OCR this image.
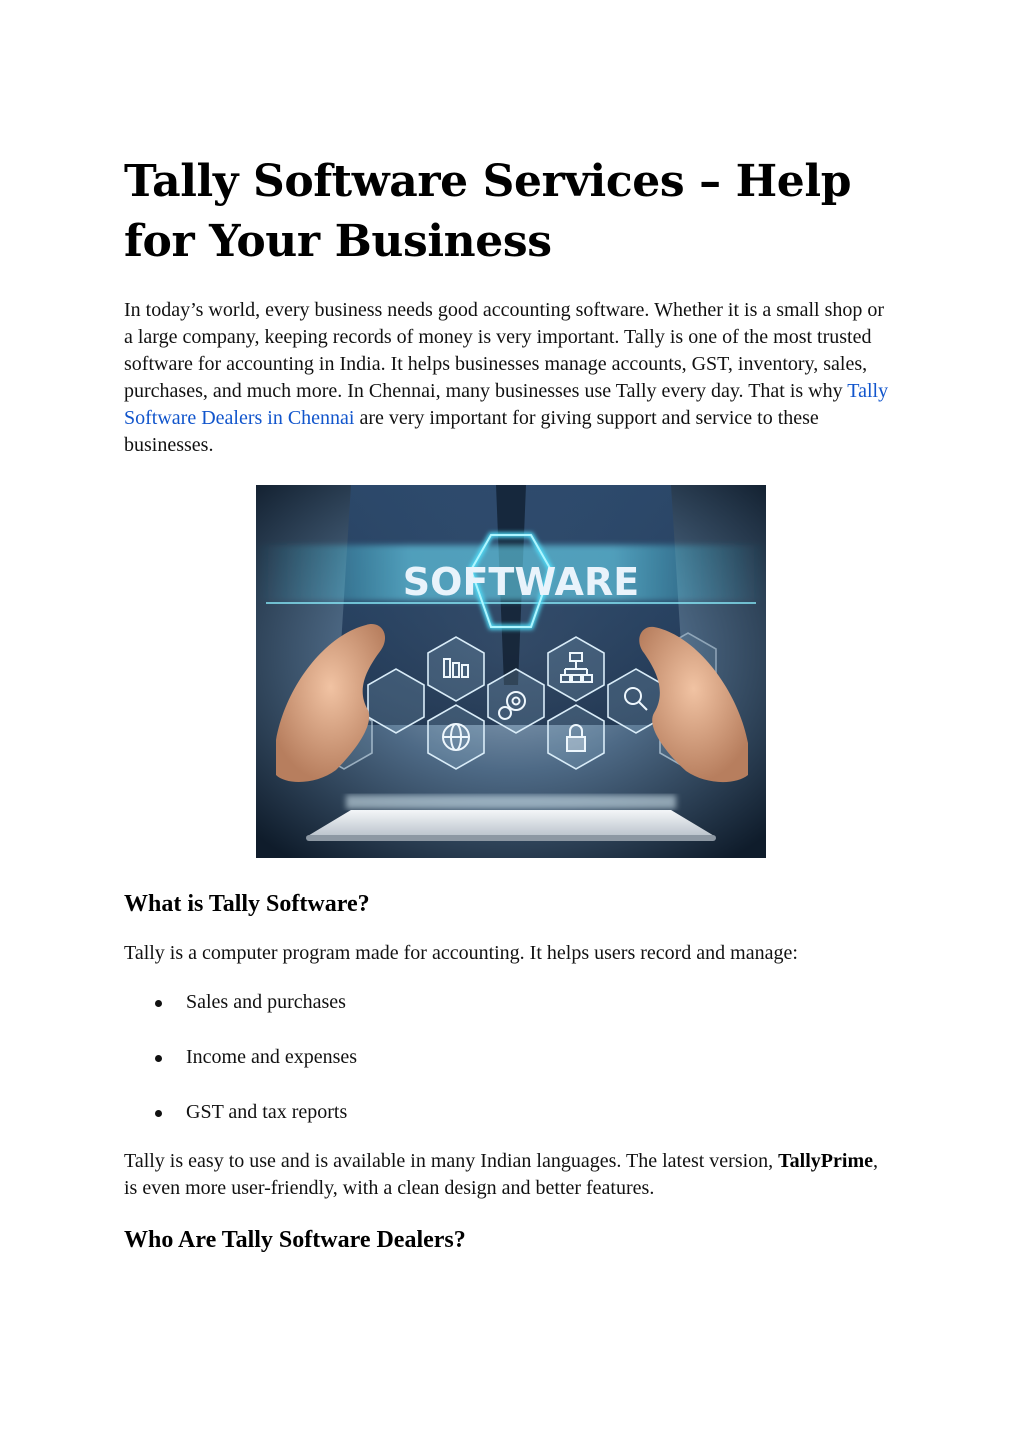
Tally Software Services – Help for Your Business

In today’s world, every business needs good accounting software. Whether it is a small shop or a large company, keeping records of money is very important. Tally is one of the most trusted software for accounting in India. It helps businesses manage accounts, GST, inventory, sales, purchases, and much more. In Chennai, many businesses use Tally every day. That is why Tally Software Dealers in Chennai are very important for giving support and service to these businesses.

SOFTWARE
What is Tally Software?

Tally is a computer program made for accounting. It helps users record and manage:

Sales and purchases
Income and expenses
GST and tax reports

Tally is easy to use and is available in many Indian languages. The latest version, TallyPrime, is even more user-friendly, with a clean design and better features.

Who Are Tally Software Dealers?
